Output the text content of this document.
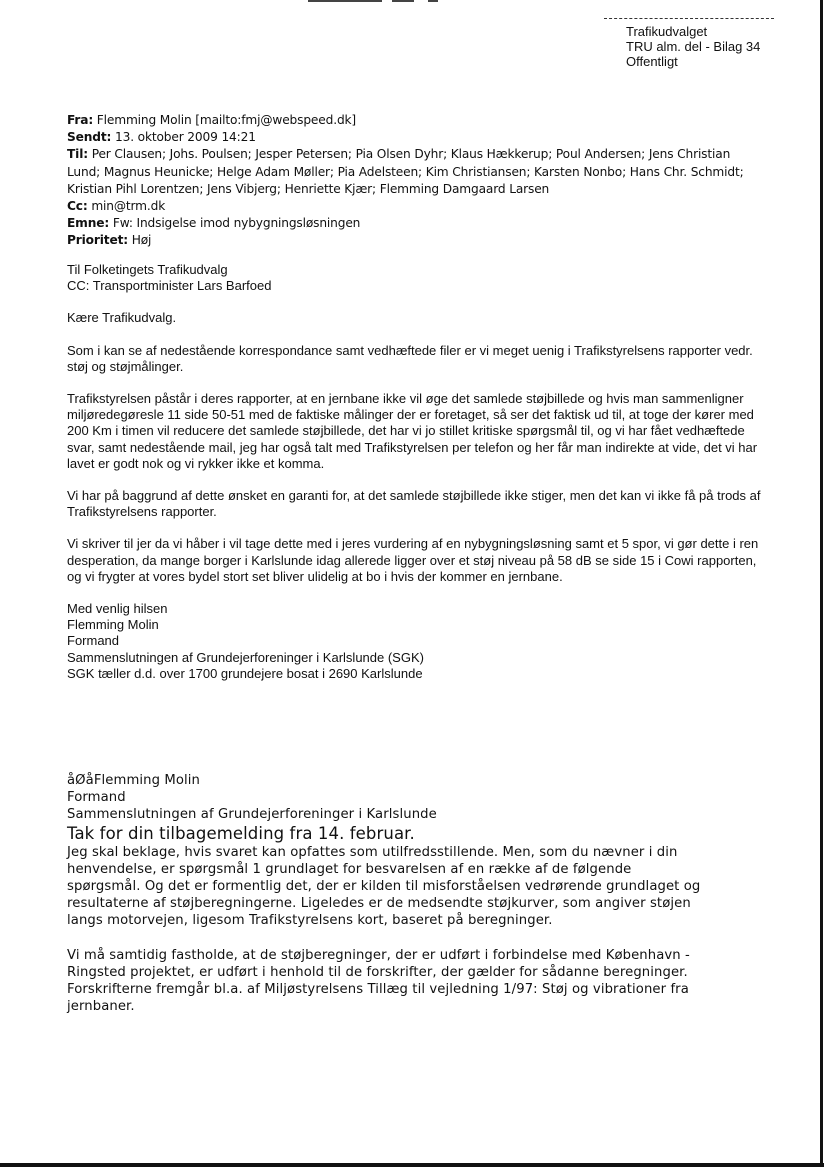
Trafikudvalget
TRU alm. del - Bilag 34
Offentligt
Fra: Flemming Molin [mailto:fmj@webspeed.dk]
Sendt: 13. oktober 2009 14:21
Til: Per Clausen; Johs. Poulsen; Jesper Petersen; Pia Olsen Dyhr; Klaus Hækkerup; Poul Andersen; Jens Christian Lund; Magnus Heunicke; Helge Adam Møller; Pia Adelsteen; Kim Christiansen; Karsten Nonbo; Hans Chr. Schmidt; Kristian Pihl Lorentzen; Jens Vibjerg; Henriette Kjær; Flemming Damgaard Larsen
Cc: min@trm.dk
Emne: Fw: Indsigelse imod nybygningsløsningen
Prioritet: Høj

Til Folketingets Trafikudvalg
CC: Transportminister Lars Barfoed

Kære Trafikudvalg.

Som i kan se af nedestående korrespondance samt vedhæftede filer er vi meget uenig i Trafikstyrelsens rapporter vedr. støj og støjmålinger.

Trafikstyrelsen påstår i deres rapporter, at en jernbane ikke vil øge det samlede støjbillede og hvis man sammenligner miljøredegøresle 11 side 50-51 med de faktiske målinger der er foretaget, så ser det faktisk ud til, at toge der kører med 200 Km i timen vil reducere det samlede støjbillede, det har vi jo stillet kritiske spørgsmål til, og vi har fået vedhæftede svar, samt nedestående mail, jeg har også talt med Trafikstyrelsen per telefon og her får man indirekte at vide, det vi har lavet er godt nok og vi rykker ikke et komma.

Vi har på baggrund af dette ønsket en garanti for, at det samlede støjbillede ikke stiger, men det kan vi ikke få på trods af Trafikstyrelsens rapporter.

Vi skriver til jer da vi håber i vil tage dette med i jeres vurdering af en nybygningsløsning samt et 5 spor, vi gør dette i ren desperation, da mange borger i Karlslunde idag allerede ligger over et støj niveau på 58 dB se side 15 i Cowi rapporten, og vi frygter at vores bydel stort set bliver ulidelig at bo i hvis der kommer en jernbane.

Med venlig hilsen

Flemming Molin

Formand

Sammenslutningen af Grundejerforeninger i Karlslunde (SGK)

SGK tæller d.d. over 1700 grundejere bosat i 2690 Karlslunde

åØåFlemming Molin
Formand
Sammenslutningen af Grundejerforeninger i Karlslunde
Tak for din tilbagemelding fra 14. februar.

Jeg skal beklage, hvis svaret kan opfattes som utilfredsstillende. Men, som du nævner i din
henvendelse, er spørgsmål 1 grundlaget for besvarelsen af en række af de følgende
spørgsmål. Og det er formentlig det, der er kilden til misforståelsen vedrørende grundlaget og
resultaterne af støjberegningerne. Ligeledes er de medsendte støjkurver, som angiver støjen
langs motorvejen, ligesom Trafikstyrelsens kort, baseret på beregninger.

Vi må samtidig fastholde, at de støjberegninger, der er udført i forbindelse med København -
Ringsted projektet, er udført i henhold til de forskrifter, der gælder for sådanne beregninger.
Forskrifterne fremgår bl.a. af Miljøstyrelsens Tillæg til vejledning 1/97: Støj og vibrationer fra
jernbaner.
